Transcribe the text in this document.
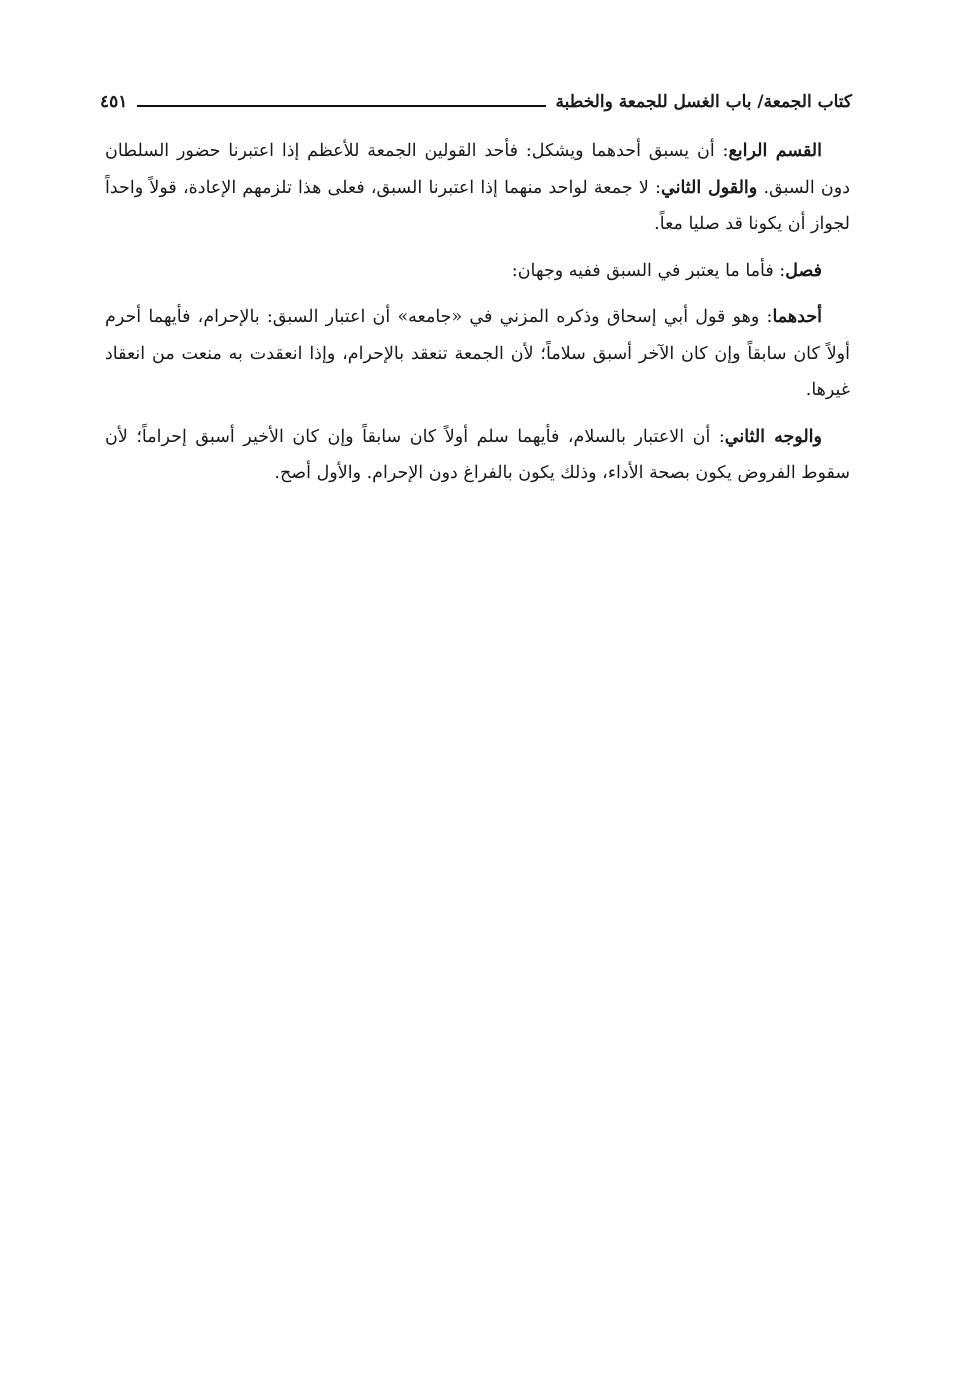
كتاب الجمعة/ باب الغسل للجمعة والخطبة
٤٥١

القسم الرابع: أن يسبق أحدهما ويشكل: فأحد القولين الجمعة للأعظم إذا اعتبرنا حضور السلطان دون السبق. والقول الثاني: لا جمعة لواحد منهما إذا اعتبرنا السبق، فعلى هذا تلزمهم الإعادة، قولاً واحداً لجواز أن يكونا قد صليا معاً.

فصل: فأما ما يعتبر في السبق ففيه وجهان:

أحدهما: وهو قول أبي إسحاق وذكره المزني في «جامعه» أن اعتبار السبق: بالإحرام، فأيهما أحرم أولاً كان سابقاً وإن كان الآخر أسبق سلاماً؛ لأن الجمعة تنعقد بالإحرام، وإذا انعقدت به منعت من انعقاد غيرها.

والوجه الثاني: أن الاعتبار بالسلام، فأيهما سلم أولاً كان سابقاً وإن كان الأخير أسبق إحراماً؛ لأن سقوط الفروض يكون بصحة الأداء، وذلك يكون بالفراغ دون الإحرام. والأول أصح.
